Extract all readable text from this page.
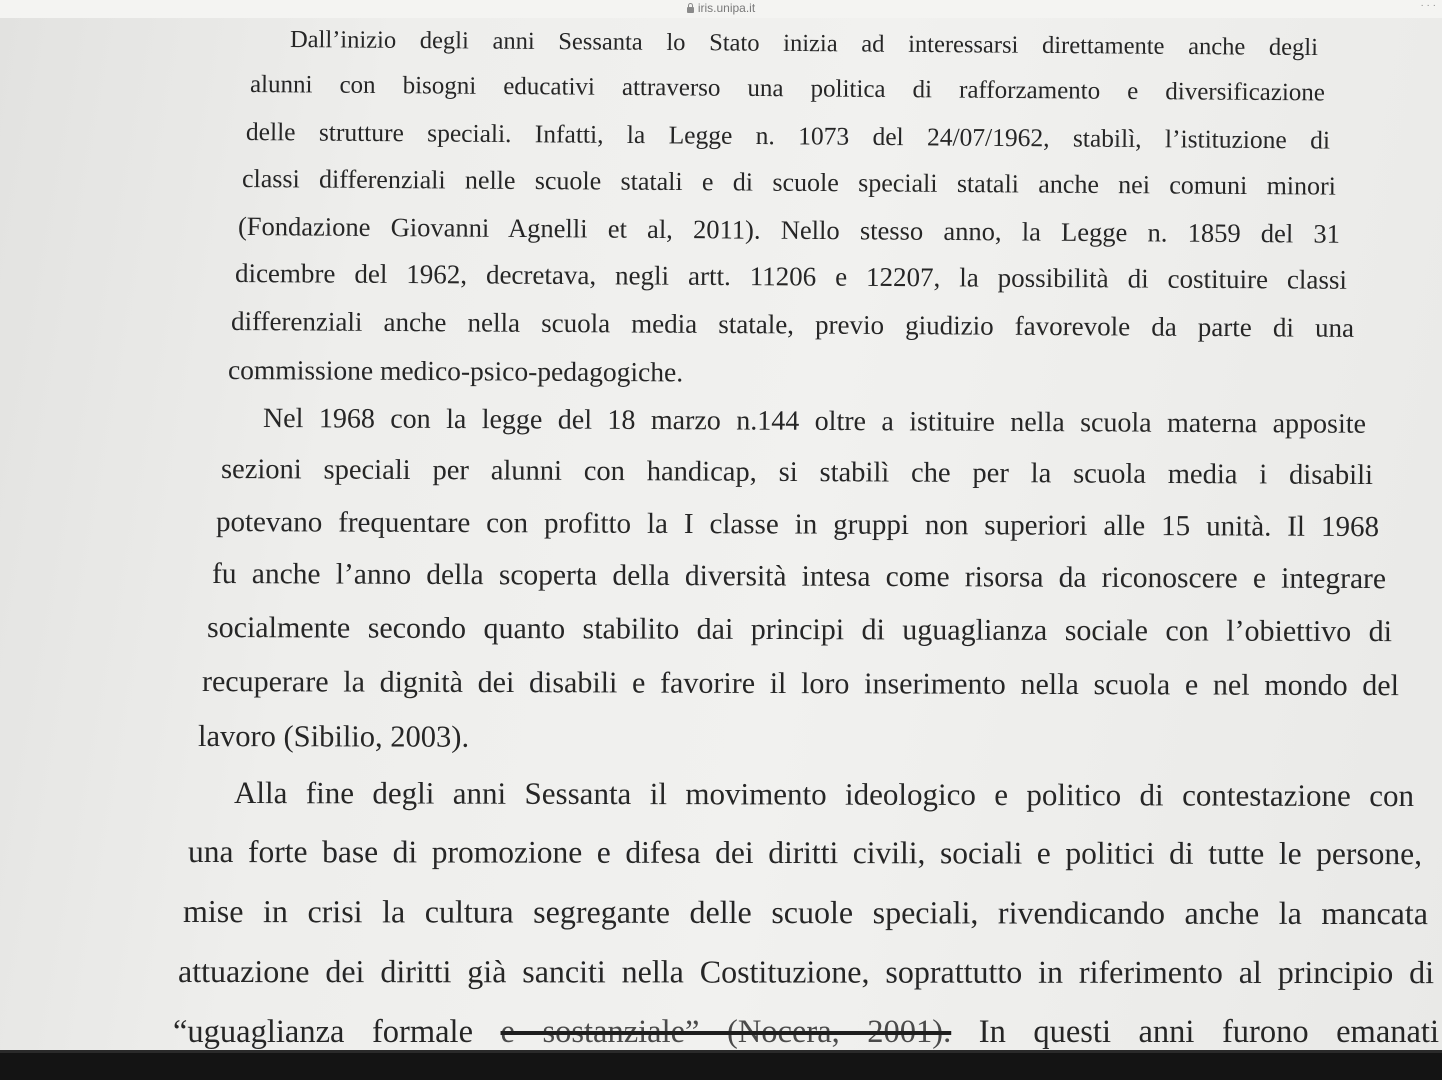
iris.unipa.it	· · ·
Dall’inizio degli anni Sessanta lo Stato inizia ad interessarsi direttamente anche degli
alunni con bisogni educativi attraverso una politica di rafforzamento e diversificazione
delle strutture speciali. Infatti, la Legge n. 1073 del 24/07/1962, stabilì, l’istituzione di
classi differenziali nelle scuole statali e di scuole speciali statali anche nei comuni minori
(Fondazione Giovanni Agnelli et al, 2011). Nello stesso anno, la Legge n. 1859 del 31
dicembre del 1962, decretava, negli artt. 11206 e 12207, la possibilità di costituire classi
differenziali anche nella scuola media statale, previo giudizio favorevole da parte di una
commissione medico-psico-pedagogiche.
Nel 1968 con la legge del 18 marzo n.144 oltre a istituire nella scuola materna apposite
sezioni speciali per alunni con handicap, si stabilì che per la scuola media i disabili
potevano frequentare con profitto la I classe in gruppi non superiori alle 15 unità. Il 1968
fu anche l’anno della scoperta della diversità intesa come risorsa da riconoscere e integrare
socialmente secondo quanto stabilito dai principi di uguaglianza sociale con l’obiettivo di
recuperare la dignità dei disabili e favorire il loro inserimento nella scuola e nel mondo del
lavoro (Sibilio, 2003).
Alla fine degli anni Sessanta il movimento ideologico e politico di contestazione con
una forte base di promozione e difesa dei diritti civili, sociali e politici di tutte le persone,
mise in crisi la cultura segregante delle scuole speciali, rivendicando anche la mancata
attuazione dei diritti già sanciti nella Costituzione, soprattutto in riferimento al principio di
“uguaglianza formale e sostanziale” (Nocera, 2001). In questi anni furono emanati
